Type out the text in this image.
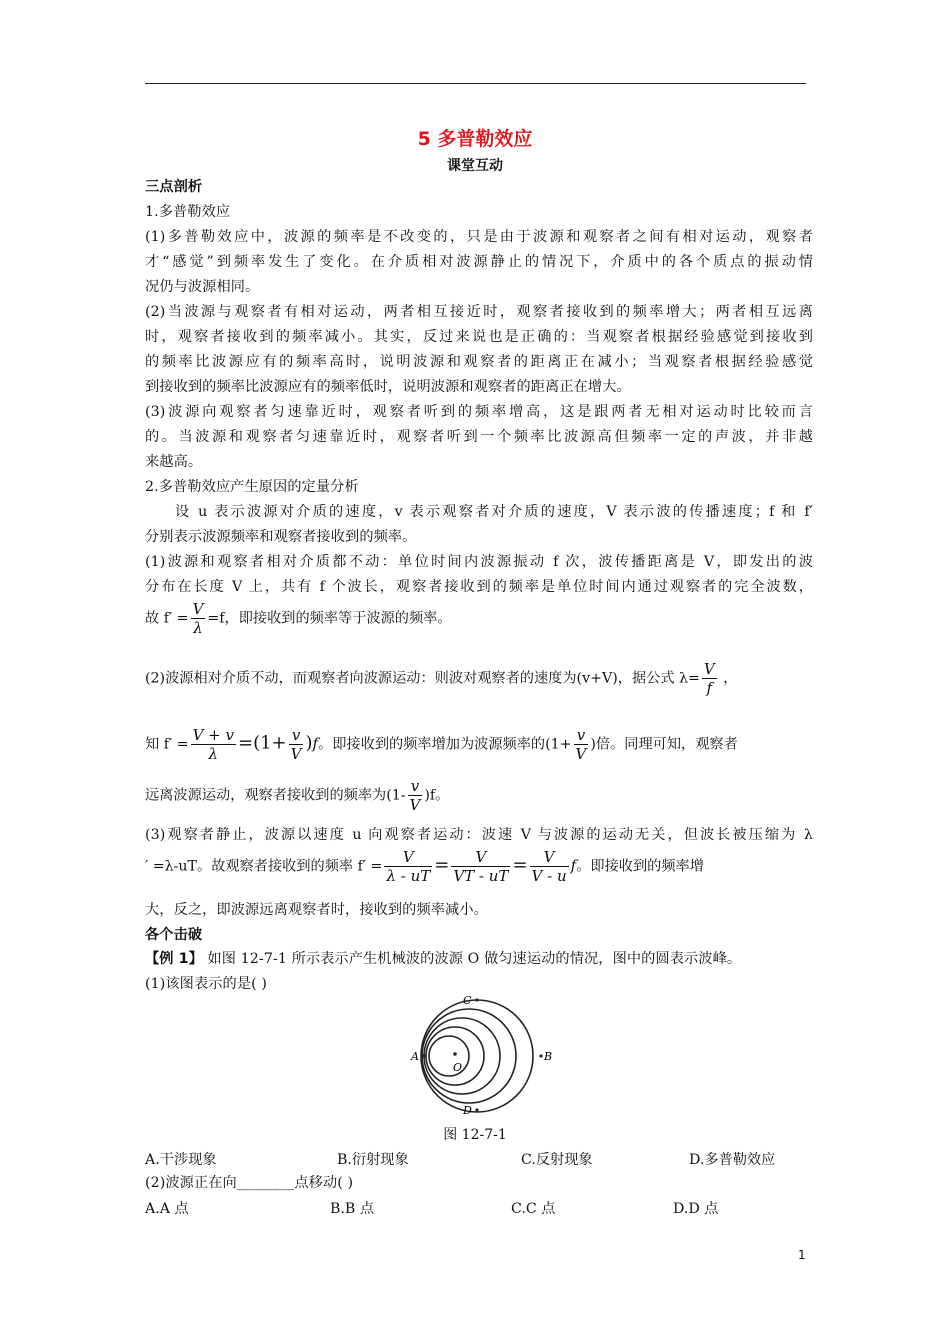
5 多普勒效应
课堂互动
三点剖析
1.多普勒效应
(1)多普勒效应中，波源的频率是不改变的，只是由于波源和观察者之间有相对运动，观察者
才“感觉”到频率发生了变化。在介质相对波源静止的情况下，介质中的各个质点的振动情
况仍与波源相同。
(2)当波源与观察者有相对运动，两者相互接近时，观察者接收到的频率增大；两者相互远离
时，观察者接收到的频率减小。其实，反过来说也是正确的：当观察者根据经验感觉到接收到
的频率比波源应有的频率高时，说明波源和观察者的距离正在减小；当观察者根据经验感觉
到接收到的频率比波源应有的频率低时，说明波源和观察者的距离正在增大。
(3)波源向观察者匀速靠近时，观察者听到的频率增高，这是跟两者无相对运动时比较而言
的。当波源和观察者匀速靠近时，观察者听到一个频率比波源高但频率一定的声波，并非越
来越高。
2.多普勒效应产生原因的定量分析
设 u 表示波源对介质的速度，v 表示观察者对介质的速度，V 表示波的传播速度；f 和 f′
分别表示波源频率和观察者接收到的频率。
(1)波源和观察者相对介质都不动：单位时间内波源振动 f 次，波传播距离是 V，即发出的波
分布在长度 V 上，共有 f 个波长，观察者接收到的频率是单位时间内通过观察者的完全波数，
故 $f' = \frac{V}{\lambda} =f$，即接收到的频率等于波源的频率。
(2)波源相对介质不动，而观察者向波源运动：则波对观察者的速度为(v+V)，据公式 $\lambda= \frac{V}{f}$ ，
知 $f' = \frac{V + v}{\lambda} =(1+ \frac{v}{V} )f$。即接收到的频率增加为波源频率的($1+ \frac{v}{V}$ )倍。同理可知，观察者
远离波源运动，观察者接收到的频率为$(1- \frac{v}{V} )f$。
(3)观察者静止，波源以速度 u 向观察者运动：波速 V 与波源的运动无关，但波长被压缩为 λ
′ =λ-uT。故观察者接收到的频率 $f' = \frac{V}{\lambda - uT} = \frac{V}{VT - uT} = \frac{V}{V - u}$ f。即接收到的频率增
大，反之，即波源远离观察者时，接收到的频率减小。
各个击破
【例 1】 如图 12-7-1 所示表示产生机械波的波源 O 做匀速运动的情况，图中的圆表示波峰。
(1)该图表示的是( )
O
C
A	B
D
图 12-7-1
A.干涉现象	B.衍射现象	C.反射现象	D.多普勒效应
(2)波源正在向________点移动( )
A.A 点	B.B 点	C.C 点	D.D 点
1
